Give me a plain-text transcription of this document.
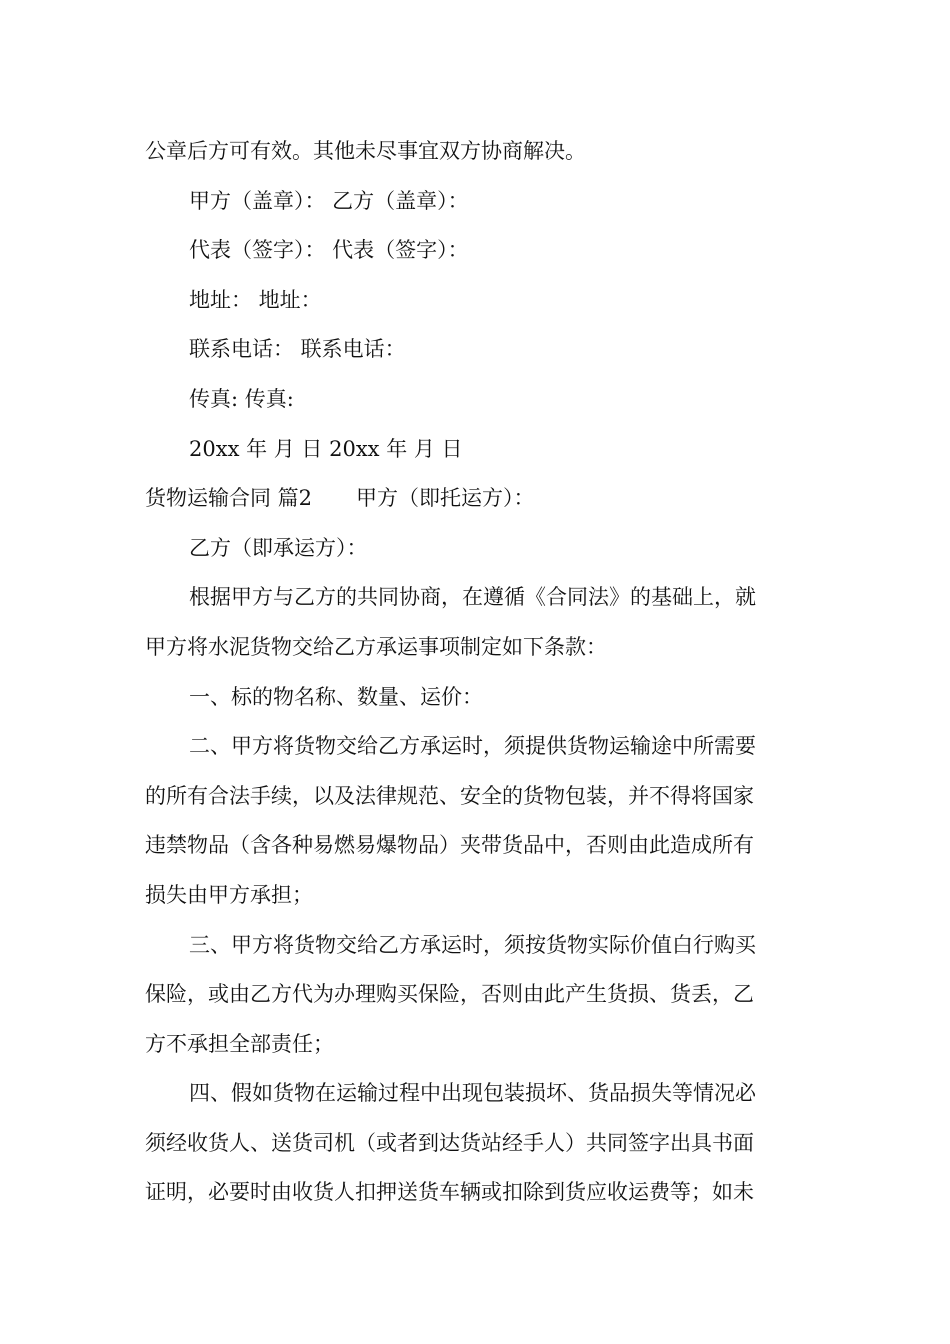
公章后方可有效。其他未尽事宜双方协商解决。
甲方（盖章）： 乙方（盖章）：
代表（签字）： 代表（签字）：
地址： 地址：
联系电话： 联系电话：
传真: 传真:
20xx 年 月 日 20xx 年 月 日
货物运输合同 篇2 甲方（即托运方）：
乙方（即承运方）：
根据甲方与乙方的共同协商，在遵循《合同法》的基础上，就
甲方将水泥货物交给乙方承运事项制定如下条款：
一、标的物名称、数量、运价：
二、甲方将货物交给乙方承运时，须提供货物运输途中所需要
的所有合法手续，以及法律规范、安全的货物包装，并不得将国家
违禁物品（含各种易燃易爆物品）夹带货品中，否则由此造成所有
损失由甲方承担；
三、甲方将货物交给乙方承运时，须按货物实际价值白行购买
保险，或由乙方代为办理购买保险，否则由此产生货损、货丢，乙
方不承担全部责任；
四、假如货物在运输过程中出现包装损坏、货品损失等情况必
须经收货人、送货司机（或者到达货站经手人）共同签字出具书面
证明，必要时由收货人扣押送货车辆或扣除到货应收运费等；如未
